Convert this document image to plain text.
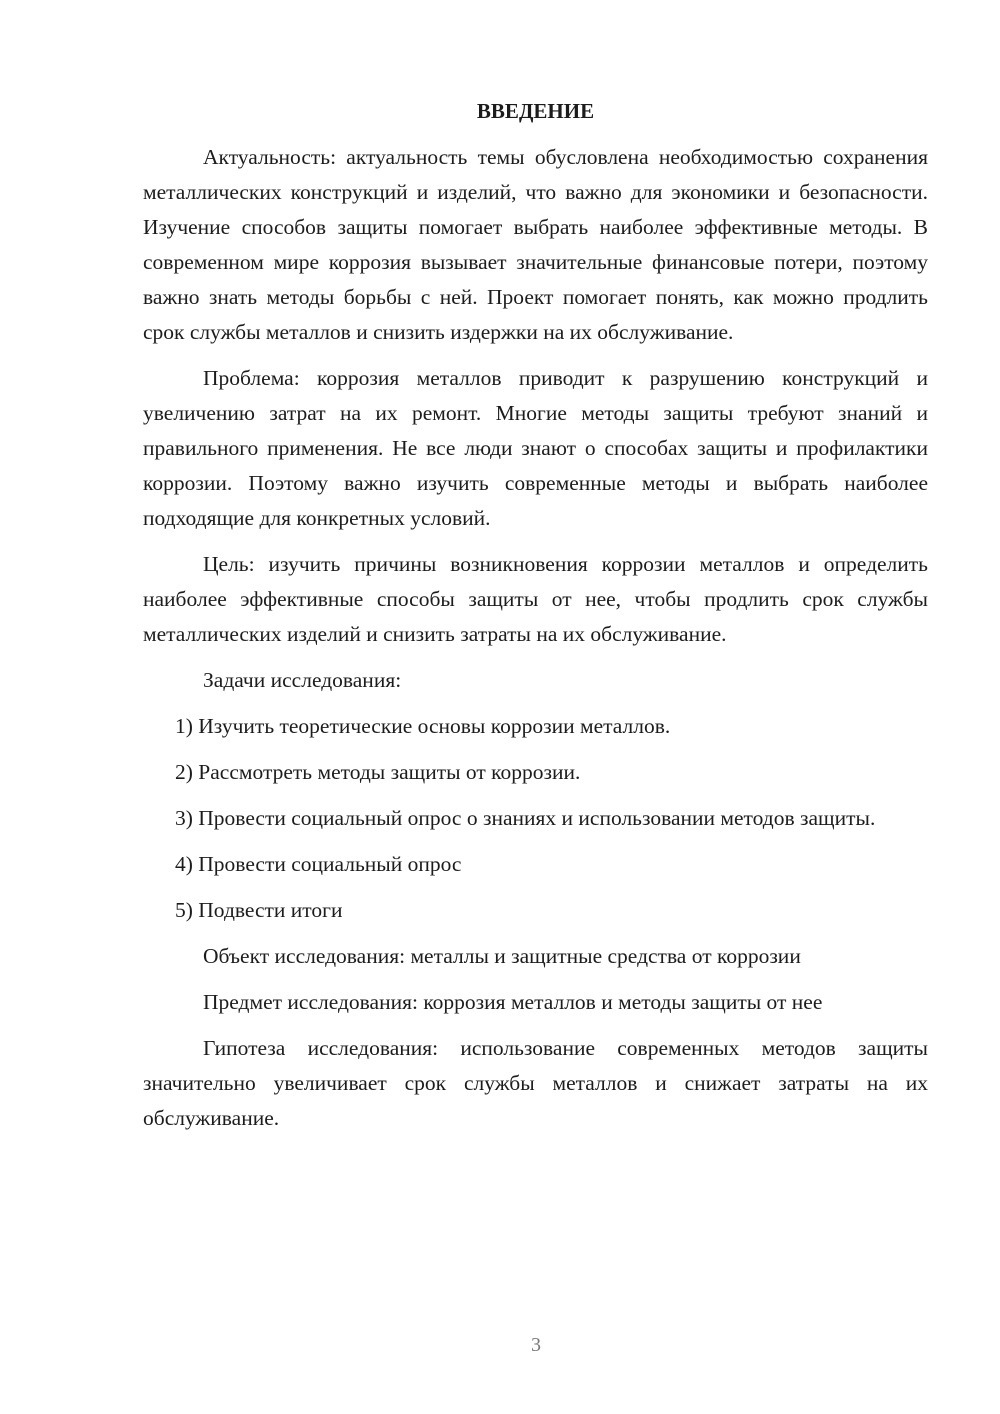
ВВЕДЕНИЕ

Актуальность: актуальность темы обусловлена необходимостью сохранения металлических конструкций и изделий, что важно для экономики и безопасности. Изучение способов защиты помогает выбрать наиболее эффективные методы. В современном мире коррозия вызывает значительные финансовые потери, поэтому важно знать методы борьбы с ней. Проект помогает понять, как можно продлить срок службы металлов и снизить издержки на их обслуживание.

Проблема: коррозия металлов приводит к разрушению конструкций и увеличению затрат на их ремонт. Многие методы защиты требуют знаний и правильного применения. Не все люди знают о способах защиты и профилактики коррозии. Поэтому важно изучить современные методы и выбрать наиболее подходящие для конкретных условий.

Цель: изучить причины возникновения коррозии металлов и определить наиболее эффективные способы защиты от нее, чтобы продлить срок службы металлических изделий и снизить затраты на их обслуживание.

Задачи исследования:

1) Изучить теоретические основы коррозии металлов.

2) Рассмотреть методы защиты от коррозии.

3) Провести социальный опрос о знаниях и использовании методов защиты.

4) Провести социальный опрос

5) Подвести итоги

Объект исследования: металлы и защитные средства от коррозии

Предмет исследования: коррозия металлов и методы защиты от нее

Гипотеза исследования: использование современных методов защиты значительно увеличивает срок службы металлов и снижает затраты на их обслуживание.

3
